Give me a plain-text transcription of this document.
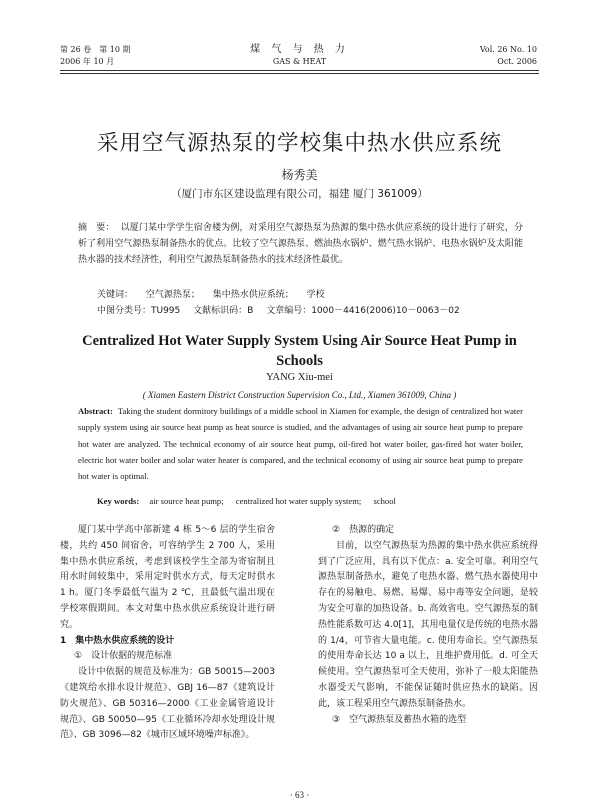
第 26 卷　第 10 期
2006 年 10 月
煤 气 与 热 力
GAS & HEAT
Vol. 26 No. 10
Oct. 2006
采用空气源热泵的学校集中热水供应系统
杨秀美
（厦门市东区建设监理有限公司，福建 厦门 361009）
摘　要： 以厦门某中学学生宿舍楼为例，对采用空气源热泵为热源的集中热水供应系统的设计进行了研究，分析了利用空气源热泵制备热水的优点。比较了空气源热泵、燃油热水锅炉、燃气热水锅炉、电热水锅炉及太阳能热水器的技术经济性，利用空气源热泵制备热水的技术经济性最优。
关键词： 空气源热泵； 集中热水供应系统； 学校
中图分类号：TU995 文献标识码：B 文章编号：1000－4416(2006)10－0063－02
Centralized Hot Water Supply System Using Air Source Heat Pump in Schools
YANG Xiu-mei
( Xiamen Eastern District Construction Supervision Co., Ltd., Xiamen 361009, China )
Abstract: Taking the student dormitory buildings of a middle school in Xiamen for example, the design of centralized hot water supply system using air source heat pump as heat source is studied, and the advantages of using air source heat pump to prepare hot water are analyzed. The technical economy of air source heat pump, oil-fired hot water boiler, gas-fired hot water boiler, electric hot water boiler and solar water heater is compared, and the technical economy of using air source heat pump to prepare hot water is optimal.
Key words: air source heat pump; centralized hot water supply system; school

厦门某中学高中部新建 4 栋 5～6 层的学生宿舍楼，共约 450 间宿舍，可容纳学生 2 700 人，采用集中热水供应系统，考虑到该校学生全部为寄宿制且用水时间较集中，采用定时供水方式，每天定时供水 1 h。厦门冬季最低气温为 2 ℃，且最低气温出现在学校寒假期间。本文对集中热水供应系统设计进行研究。

1　集中热水供应系统的设计

①　设计依据的规范标准

设计中依据的规范及标准为：GB 50015—2003《建筑给水排水设计规范》、GBJ 16—87《建筑设计防火规范》、GB 50316—2000《工业金属管道设计规范》、GB 50050—95《工业循环冷却水处理设计规范》、GB 3096—82《城市区域环境噪声标准》。

②　热源的确定

目前，以空气源热泵为热源的集中热水供应系统得到了广泛应用，具有以下优点：a. 安全可靠。利用空气源热泵制备热水，避免了电热水器、燃气热水器使用中存在的易触电、易燃、易爆、易中毒等安全问题，是较为安全可靠的加热设备。b. 高效省电。空气源热泵的制热性能系数可达 4.0[1]，其用电量仅是传统的电热水器的 1/4，可节省大量电能。c. 使用寿命长。空气源热泵的使用寿命长达 10 a 以上，且维护费用低。d. 可全天候使用。空气源热泵可全天使用，弥补了一般太阳能热水器受天气影响，不能保证随时供应热水的缺陷。因此，该工程采用空气源热泵制备热水。

③　空气源热泵及蓄热水箱的选型

· 63 ·
